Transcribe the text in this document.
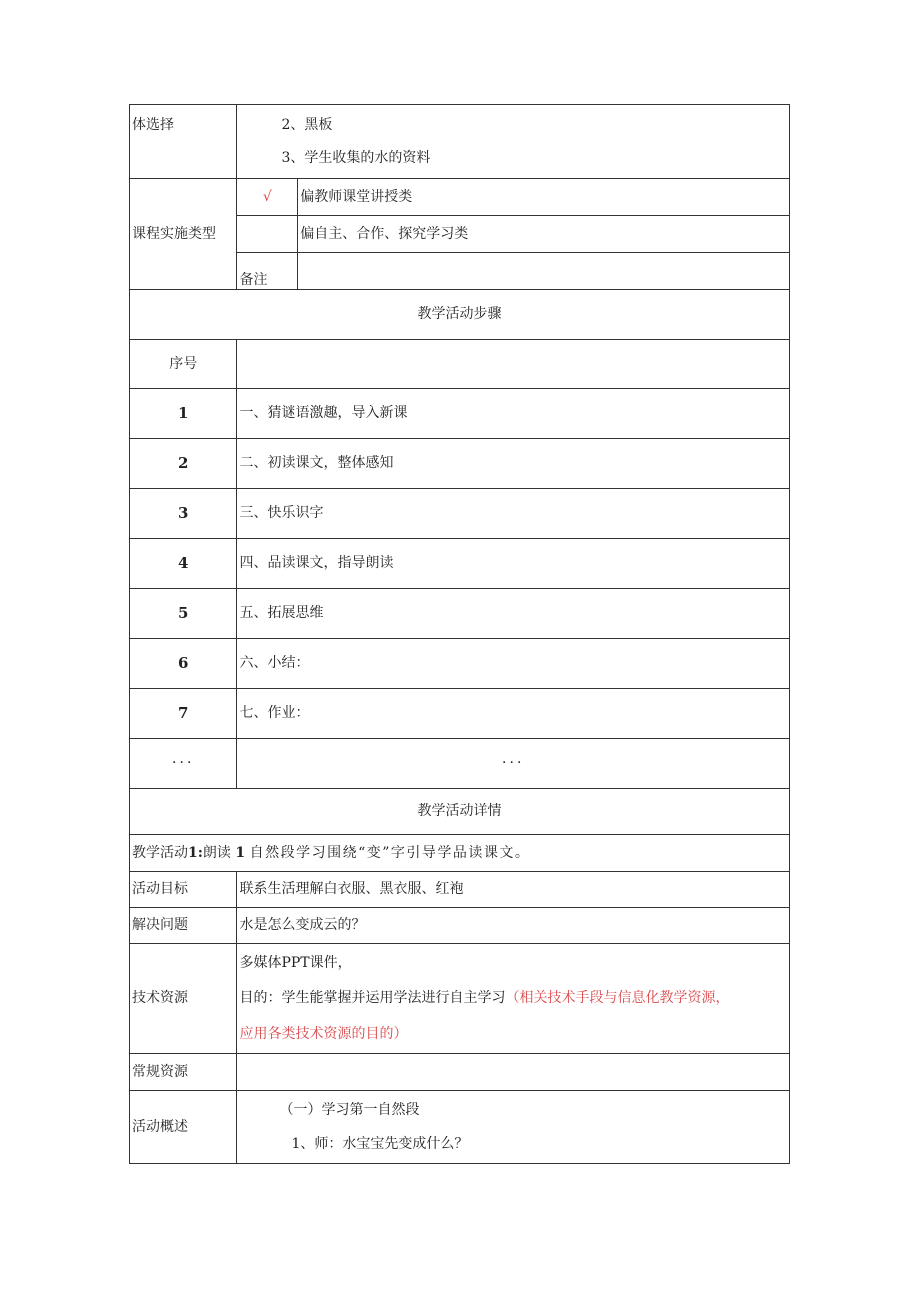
体选择	2、黑板
3、学生收集的水的资料	

课程实施类型	√	偏教师课堂讲授类
		偏自主、合作、探究学习类
	备注	
教学活动步骤		
序号		
1	一、猜谜语激趣，导入新课	
2	二、初读课文，整体感知	
3	三、快乐识字	
4	四、品读课文，指导朗读	
5	五、拓展思维	
6	六、小结：	
7	七、作业：	
···	···	
教学活动详情		
教学活动1:朗读 1 自然段学习围绕“变”字引导学品读课文。		
活动目标	联系生活理解白衣服、黑衣服、红袍	
解决问题	水是怎么变成云的？	
技术资源	多媒体PPT课件，
目的：学生能掌握并运用学法进行自主学习（相关技术手段与信息化教学资源，
应用各类技术资源的目的）	

常规资源		
活动概述	（一）学习第一自然段
1、师：水宝宝先变成什么？	
